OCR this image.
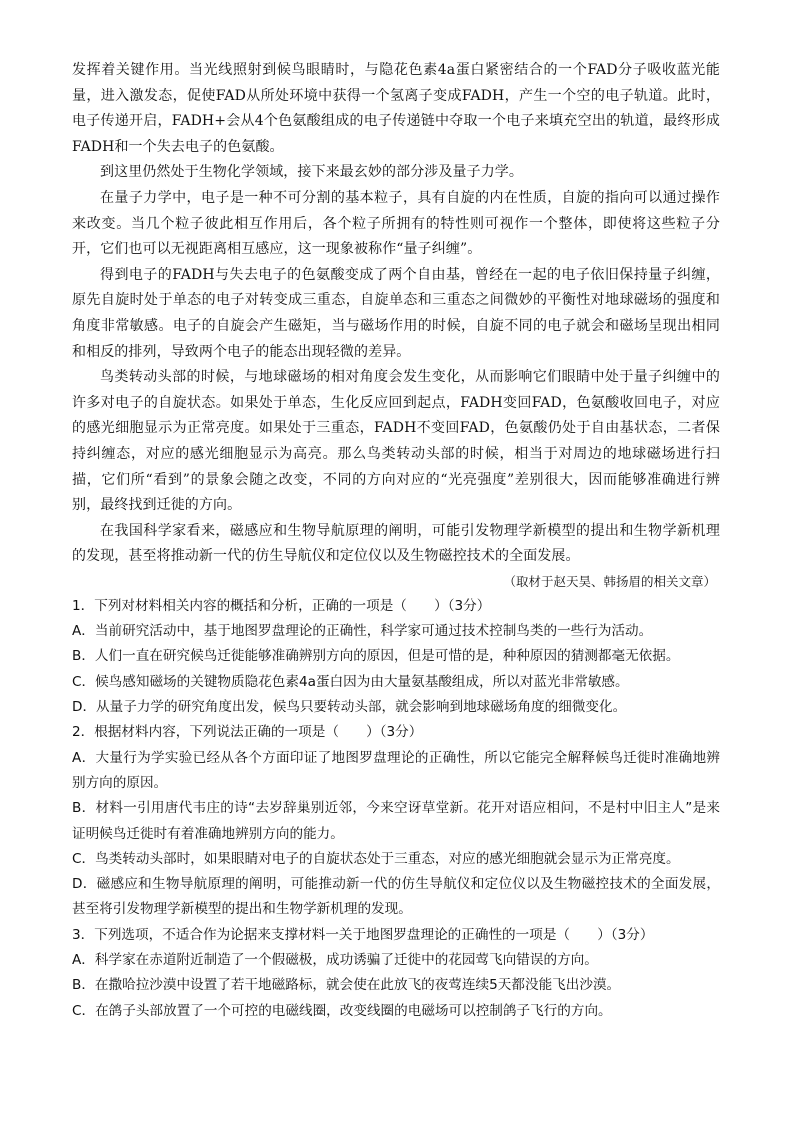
发挥着关键作用。当光线照射到候鸟眼睛时，与隐花色素4a蛋白紧密结合的一个FAD分子吸收蓝光能量，进入激发态，促使FAD从所处环境中获得一个氢离子变成FADH，产生一个空的电子轨道。此时，电子传递开启，FADH+会从4个色氨酸组成的电子传递链中夺取一个电子来填充空出的轨道，最终形成FADH和一个失去电子的色氨酸。

到这里仍然处于生物化学领域，接下来最玄妙的部分涉及量子力学。

在量子力学中，电子是一种不可分割的基本粒子，具有自旋的内在性质，自旋的指向可以通过操作来改变。当几个粒子彼此相互作用后，各个粒子所拥有的特性则可视作一个整体，即使将这些粒子分开，它们也可以无视距离相互感应，这一现象被称作“量子纠缠”。

得到电子的FADH与失去电子的色氨酸变成了两个自由基，曾经在一起的电子依旧保持量子纠缠，原先自旋时处于单态的电子对转变成三重态，自旋单态和三重态之间微妙的平衡性对地球磁场的强度和角度非常敏感。电子的自旋会产生磁矩，当与磁场作用的时候，自旋不同的电子就会和磁场呈现出相同和相反的排列，导致两个电子的能态出现轻微的差异。

鸟类转动头部的时候，与地球磁场的相对角度会发生变化，从而影响它们眼睛中处于量子纠缠中的许多对电子的自旋状态。如果处于单态，生化反应回到起点，FADH变回FAD，色氨酸收回电子，对应的感光细胞显示为正常亮度。如果处于三重态，FADH不变回FAD，色氨酸仍处于自由基状态，二者保持纠缠态，对应的感光细胞显示为高亮。那么鸟类转动头部的时候，相当于对周边的地球磁场进行扫描，它们所“看到”的景象会随之改变，不同的方向对应的“光亮强度”差别很大，因而能够准确进行辨别，最终找到迁徙的方向。

在我国科学家看来，磁感应和生物导航原理的阐明，可能引发物理学新模型的提出和生物学新机理的发现，甚至将推动新一代的仿生导航仪和定位仪以及生物磁控技术的全面发展。

（取材于赵天昊、韩扬眉的相关文章）

1．下列对材料相关内容的概括和分析，正确的一项是（　　）（3分）

A．当前研究活动中，基于地图罗盘理论的正确性，科学家可通过技术控制鸟类的一些行为活动。

B．人们一直在研究候鸟迁徙能够准确辨别方向的原因，但是可惜的是，种种原因的猜测都毫无依据。

C．候鸟感知磁场的关键物质隐花色素4a蛋白因为由大量氨基酸组成，所以对蓝光非常敏感。

D．从量子力学的研究角度出发，候鸟只要转动头部，就会影响到地球磁场角度的细微变化。

2．根据材料内容，下列说法正确的一项是（　　）（3分）

A．大量行为学实验已经从各个方面印证了地图罗盘理论的正确性，所以它能完全解释候鸟迁徙时准确地辨别方向的原因。

B．材料一引用唐代韦庄的诗“去岁辞巢别近邻，今来空讶草堂新。花开对语应相问，不是村中旧主人”是来证明候鸟迁徙时有着准确地辨别方向的能力。

C．鸟类转动头部时，如果眼睛对电子的自旋状态处于三重态，对应的感光细胞就会显示为正常亮度。

D．磁感应和生物导航原理的阐明，可能推动新一代的仿生导航仪和定位仪以及生物磁控技术的全面发展，甚至将引发物理学新模型的提出和生物学新机理的发现。

3．下列选项，不适合作为论据来支撑材料一关于地图罗盘理论的正确性的一项是（　　）（3分）

A．科学家在赤道附近制造了一个假磁极，成功诱骗了迁徙中的花园莺飞向错误的方向。

B．在撒哈拉沙漠中设置了若干地磁路标，就会使在此放飞的夜莺连续5天都没能飞出沙漠。

C．在鸽子头部放置了一个可控的电磁线圈，改变线圈的电磁场可以控制鸽子飞行的方向。
